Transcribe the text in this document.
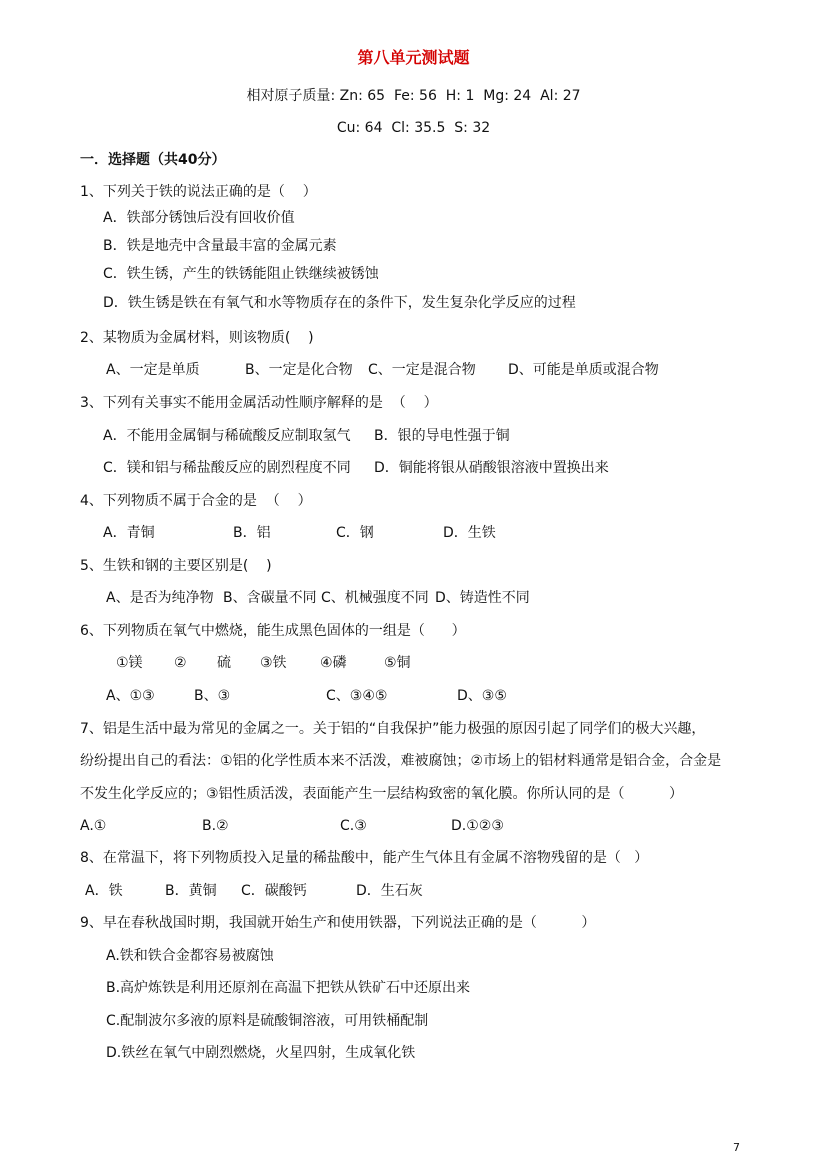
第八单元测试题
相对原子质量: Zn: 65  Fe: 56  H: 1  Mg: 24  Al: 27
Cu: 64  Cl: 35.5  S: 32
一．选择题（共40分）
1、下列关于铁的说法正确的是（    ）
A．铁部分锈蚀后没有回收价值
B．铁是地壳中含量最丰富的金属元素
C．铁生锈，产生的铁锈能阻止铁继续被锈蚀
D．铁生锈是铁在有氧气和水等物质存在的条件下，发生复杂化学反应的过程
2、某物质为金属材料，则该物质(    )

A、一定是单质

	B、一定是化合物

C、一定是混合物

D、可能是单质或混合物

3、下列有关事实不能用金属活动性顺序解释的是  （    ）

A．不能用金属铜与稀硫酸反应制取氢气

B．银的导电性强于铜

C．镁和铝与稀盐酸反应的剧烈程度不同

D．铜能将银从硝酸银溶液中置换出来

4、下列物质不属于合金的是  （    ）

A．青铜

	B．铝

	C．钢

	D．生铁

5、生铁和钢的主要区别是(    )

A、是否为纯净物

B、含碳量不同

C、机械强度不同

D、铸造性不同

6、下列物质在氧气中燃烧，能生成黑色固体的一组是（      ）

①镁

②

硫

③铁

④磷

	⑤铜

A、①③

	B、③

	C、③④⑤

	D、③⑤

7、铝是生活中最为常见的金属之一。关于铝的“自我保护”能力极强的原因引起了同学们的极大兴趣，
纷纷提出自己的看法：①铝的化学性质本来不活泼，难被腐蚀；②市场上的铝材料通常是铝合金，合金是
不发生化学反应的；③铝性质活泼，表面能产生一层结构致密的氧化膜。你所认同的是（          ）

A.①

	B.②

	C.③

	D.①②③

8、在常温下，将下列物质投入足量的稀盐酸中，能产生气体且有金属不溶物残留的是（   ）

A．铁

	B．黄铜

C．碳酸钙

	D．生石灰

9、早在春秋战国时期，我国就开始生产和使用铁器，下列说法正确的是（          ）
A.铁和铁合金都容易被腐蚀
B.高炉炼铁是利用还原剂在高温下把铁从铁矿石中还原出来
C.配制波尔多液的原料是硫酸铜溶液，可用铁桶配制
D.铁丝在氧气中剧烈燃烧，火星四射，生成氧化铁
7
